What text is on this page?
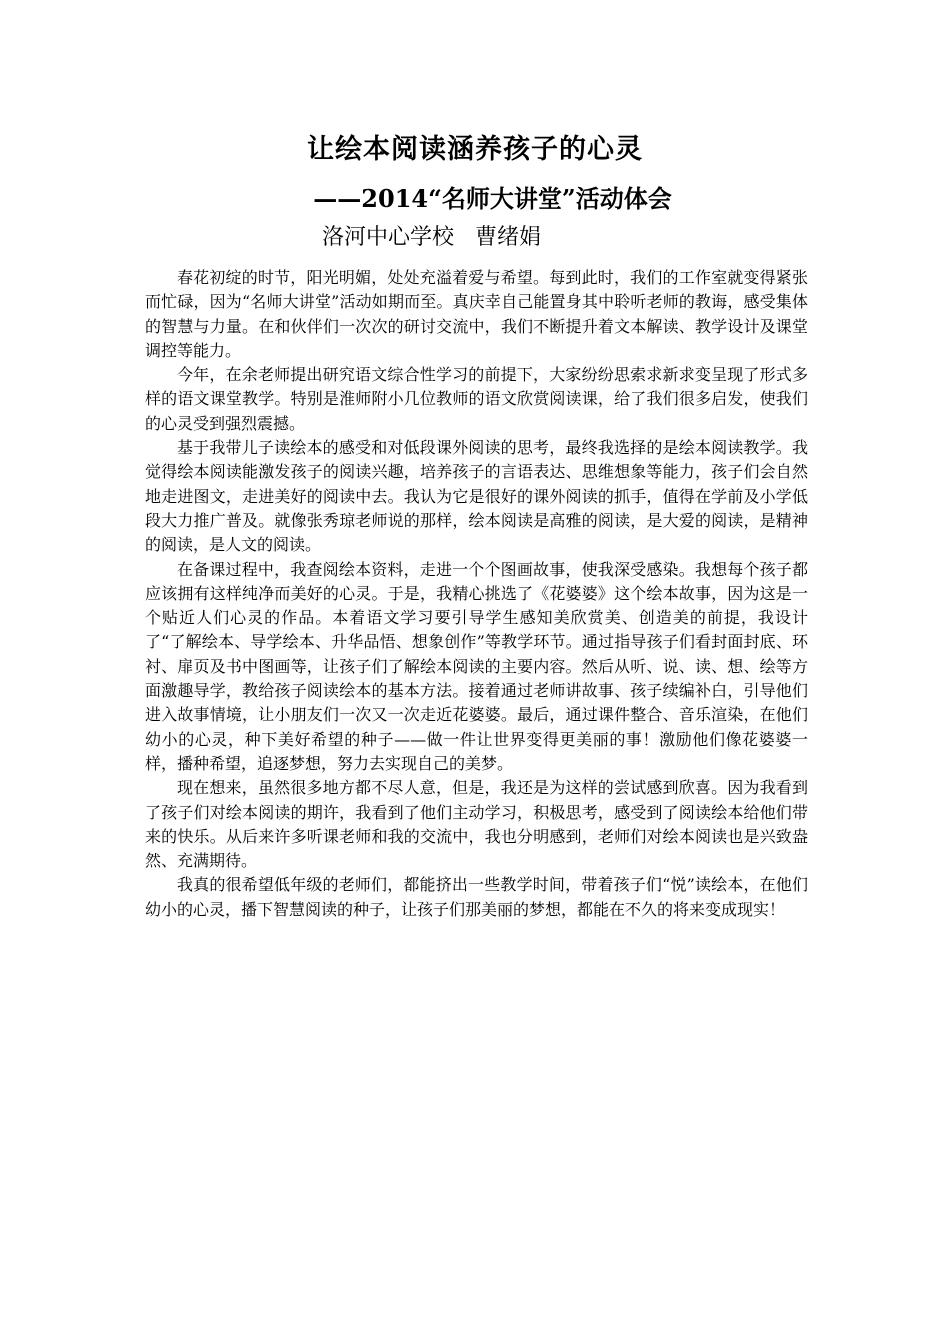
让绘本阅读涵养孩子的心灵
——2014“名师大讲堂”活动体会
洛河中心学校   曹绪娟

春花初绽的时节，阳光明媚，处处充溢着爱与希望。每到此时，我们的工作室就变得紧张而忙碌，因为“名师大讲堂”活动如期而至。真庆幸自己能置身其中聆听老师的教诲，感受集体的智慧与力量。在和伙伴们一次次的研讨交流中，我们不断提升着文本解读、教学设计及课堂调控等能力。

今年，在余老师提出研究语文综合性学习的前提下，大家纷纷思索求新求变呈现了形式多样的语文课堂教学。特别是淮师附小几位教师的语文欣赏阅读课，给了我们很多启发，使我们的心灵受到强烈震撼。

基于我带儿子读绘本的感受和对低段课外阅读的思考，最终我选择的是绘本阅读教学。我觉得绘本阅读能激发孩子的阅读兴趣，培养孩子的言语表达、思维想象等能力，孩子们会自然地走进图文，走进美好的阅读中去。我认为它是很好的课外阅读的抓手，值得在学前及小学低段大力推广普及。就像张秀琼老师说的那样，绘本阅读是高雅的阅读，是大爱的阅读，是精神的阅读，是人文的阅读。

在备课过程中，我查阅绘本资料，走进一个个图画故事，使我深受感染。我想每个孩子都应该拥有这样纯净而美好的心灵。于是，我精心挑选了《花婆婆》这个绘本故事，因为这是一个贴近人们心灵的作品。本着语文学习要引导学生感知美欣赏美、创造美的前提，我设计了“了解绘本、导学绘本、升华品悟、想象创作”等教学环节。通过指导孩子们看封面封底、环衬、扉页及书中图画等，让孩子们了解绘本阅读的主要内容。然后从听、说、读、想、绘等方面激趣导学，教给孩子阅读绘本的基本方法。接着通过老师讲故事、孩子续编补白，引导他们进入故事情境，让小朋友们一次又一次走近花婆婆。最后，通过课件整合、音乐渲染，在他们幼小的心灵，种下美好希望的种子——做一件让世界变得更美丽的事！激励他们像花婆婆一样，播种希望，追逐梦想，努力去实现自己的美梦。

现在想来，虽然很多地方都不尽人意，但是，我还是为这样的尝试感到欣喜。因为我看到了孩子们对绘本阅读的期许，我看到了他们主动学习，积极思考，感受到了阅读绘本给他们带来的快乐。从后来许多听课老师和我的交流中，我也分明感到，老师们对绘本阅读也是兴致盎然、充满期待。

我真的很希望低年级的老师们，都能挤出一些教学时间，带着孩子们“悦”读绘本，在他们幼小的心灵，播下智慧阅读的种子，让孩子们那美丽的梦想，都能在不久的将来变成现实！
